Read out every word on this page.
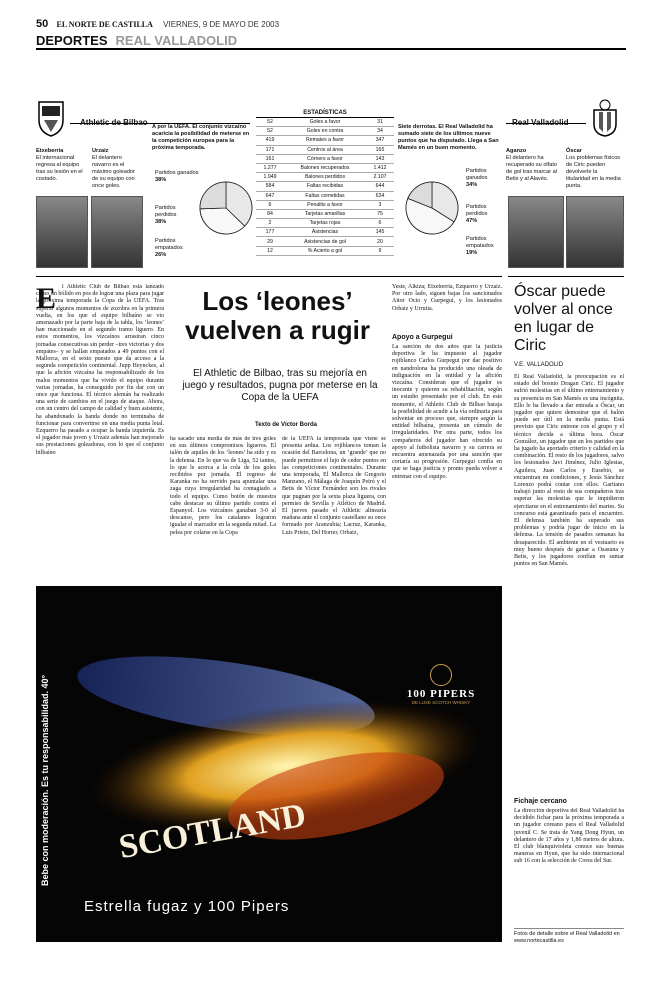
50 EL NORTE DE CASTILLA VIERNES, 9 DE MAYO DE 2003
DEPORTES REAL VALLADOLID
Athletic de Bilbao
Etxeberria
El internacional regresa al equipo tras su lesión en el costado.
Urzaiz
El delantero navarro es el máximo goleador de su equipo con once goles.
A por la UEFA. El conjunto vizcaíno acaricia la posibilidad de meterse en la competición europea para la próxima temporada.
Partidos ganados
38%
Partidos perdidos
38%
Partidos empatados
26%
ESTADÍSTICAS
52	Goles a favor	31
52	Goles en contra	34
419	Remates a favor	347
171	Centros al área	165
161	Córners a favor	143
1.277	Balones recuperados	1.412
1.949	Balones perdidos	2.107
584	Faltas recibidas	644
647	Faltas cometidas	634
6	Penaltis a favor	3
84	Tarjetas amarillas	75
2	Tarjetas rojas	6
177	Asistencias	145
29	Asistencias de gol	20
12	% Acierto a gol	9
Siete derrotas. El Real Valladolid ha sumado siete de los últimos nueve puntos que ha disputado. Llega a San Mamés en un buen momento.
Partidos ganados
34%
Partidos perdidos
47%
Partidos empatados
19%
Real Valladolid
Aganzo
El delantero ha recuperado su olfato de gol tras marcar al Betis y al Alavés.
Óscar
Los problemas físicos de Ciric pueden devolverle la titularidad en la media punta.
E l Athletic Club de Bilbao está lanzado como un bólido en pos de lograr una plaza para jugar la próxima temporada la Copa de la UEFA. Tras superar algunos momentos de zozobra en la primera vuelta, en los que el equipo bilbaíno se vio amenazado por la parte baja de la tabla, los ‘leones’ han reaccionado en el segundo tramo liguero. En estos momentos, los vizcaínos arrastran cinco jornadas consecutivas sin perder –tres victorias y dos empates– y se hallan empatados a 49 puntos con el Mallorca, en el sexto puesto que da acceso a la segunda competición continental. Jupp Heynckes, al que la afición vizcaína ha responsabilizado de los malos momentos que ha vivido el equipo durante varias jornadas, ha conseguido por fin dar con un once que funciona. El técnico alemán ha realizado una serie de cambios en el juego de ataque. Ahora, con un centro del campo de calidad y buen asistente, ha abandonado la banda donde no terminaba de funcionar para convertirse en una media punta letal. Ezquerro ha pasado a ocupar la banda izquierda. Es el jugador más joven y Urzaiz además han mejorado sus prestaciones goleadoras, con lo que el conjunto bilbaíno
Los ‘leones’ vuelven a rugir
El Athletic de Bilbao, tras su mejoría en juego y resultados, pugna por meterse en la Copa de la UEFA
Texto de Víctor Borda
ha sacado una media de más de tres goles en sus últimos compromisos ligueros. El talón de aquiles de los ‘leones’ ha sido y es la defensa. En lo que va de Liga, 52 tantos, lo que le acerca a la cola de los goles recibidos por jornada. El regreso de Karanka no ha servido para apuntalar una zaga cuya irregularidad ha contagiado a todo el equipo. Como botón de muestra cabe destacar su último partido contra el Espanyol. Los vizcaínos ganaban 3-0 al descanso, pero los catalanes lograron igualar el marcador en la segunda mitad. La pelea por colarse en la Copa
de la UEFA la temporada que viene se presenta ardua. Los rojiblancos toman la ocasión del Barcelona, un ‘grande’ que no puede permitirse el lujo de ceder puntos en las competiciones continentales. Durante una temporada, El Mallorca de Gregorio Manzano, el Málaga de Joaquín Peiró y el Betis de Víctor Fernández son los rivales que pugnan por la sexta plaza liguera, con permiso de Sevilla y Atlético de Madrid. El jueves pasado el Athletic alinearía mañana ante el conjunto castellano su once formado por Aranzubia; Lacruz, Karanka, Luis Prieto, Del Horno; Orbaiz,
Yeste, Alkiza; Etxeberria, Ezquerro y Urzaiz. Por otro lado, siguen bajas los sancionados Aitor Ocio y Gurpegui, y los lesionados Orbaiz y Urrutia.
Apoyo a Gurpegui
La sanción de dos años que la justicia deportiva le ha impuesto al jugador rojiblanco Carlos Gurpegui por dar positivo en nandrolona ha producido una oleada de indignación en la entidad y la afición vizcaína. Consideran que el jugador es inocente y quieren su rehabilitación, según un estudio presentado por el club. En este momento, el Athletic Club de Bilbao baraja la posibilidad de acudir a la vía ordinaria para solventar un proceso que, siempre según la entidad bilbaína, presenta un cúmulo de irregularidades. Por otra parte, todos los compañeros del jugador han ofrecido su apoyo al futbolista navarro y su carrera se encuentra amenazada por una sanción que cortaría su progresión. Gurpegui confía en que se haga justicia y pronto pueda volver a entrenar con el equipo.
Óscar puede volver al once en lugar de Ciric
V.E. VALLADOLID
El Real Valladolid, la preocupación es el estado del bosnio Dragan Ciric. El jugador sufrió molestias en el último entrenamiento y su presencia en San Mamés es una incógnita. Ello le ha llevado a dar entrada a Óscar, un jugador que quiere demostrar que el balón puede ser útil en la media punta. Está previsto que Ciric entrene con el grupo y el técnico decida a última hora. Óscar González, un jugador que en los partidos que ha jugado ha aportado criterio y calidad en la combinación. El resto de los jugadores, salvo los lesionados Javi Jiménez, Julio Iglesias, Aguilera, Juan Carlos y Eusebio, se encuentran en condiciones, y Jesús Sánchez Lorenzo podrá contar con ellos. Garitano trabajó junto al resto de sus compañeros tras superar las molestias que le impidieron ejercitarse en el entrenamiento del martes. Su concurso está garantizado para el encuentro. El defensa también ha superado sus problemas y podría jugar de inicio en la defensa. La tensión de pasados semanas ha desaparecido. El ambiente en el vestuario es muy bueno después de ganar a Osasuna y Betis, y los jugadores confían en sumar puntos en San Mamés.
Fichaje cercano
La dirección deportiva del Real Valladolid ha decidido fichar para la próxima temporada a un jugador coreano para el Real Valladolid juvenil C. Se trata de Yang Dong Hyun, un delantero de 17 años y 1,86 metros de altura. El club blanquivioleta conoce sus buenas maneras en Hyun, que ha sido internacional sub 16 con la selección de Corea del Sur.
Fotos de detalle sobre el Real Valladolid en www.nortecastilla.es
Bebe con moderación. Es tu responsabilidad. 40°	100 PIPERS
DE LUXE SCOTCH WHISKY
SCOTLAND
Estrella fugaz y 100 Pipers
